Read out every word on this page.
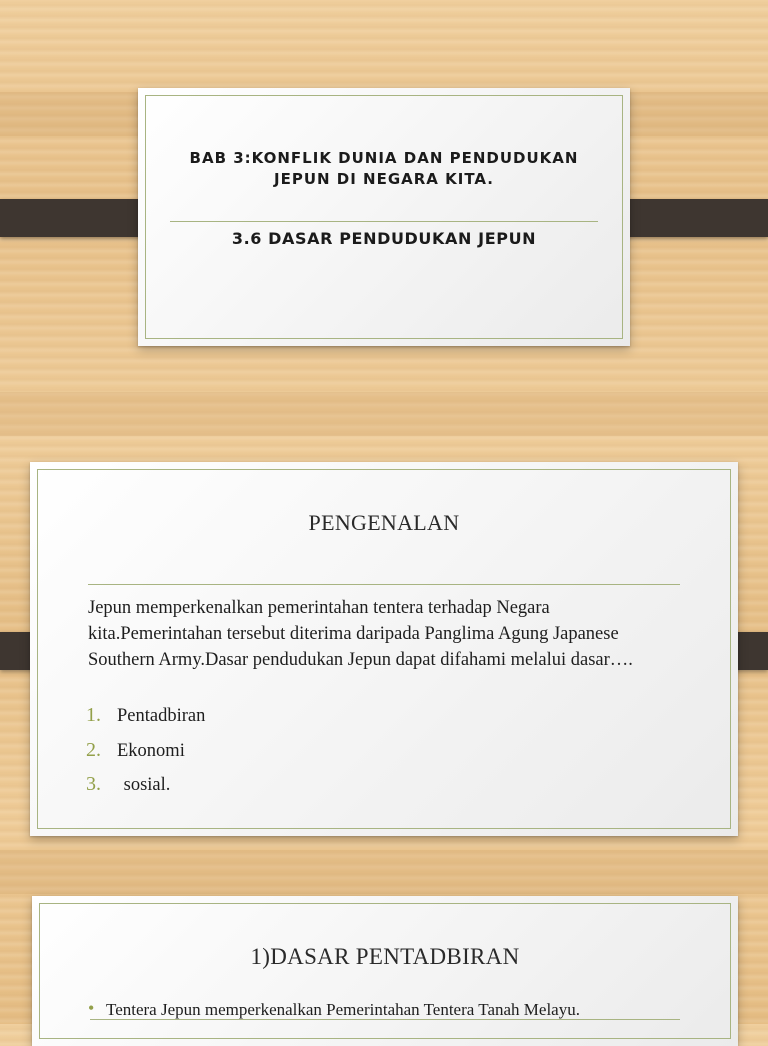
BAB 3:KONFLIK DUNIA DAN PENDUDUKAN
JEPUN DI NEGARA KITA.
3.6 DASAR PENDUDUKAN JEPUN
PENGENALAN
Jepun memperkenalkan pemerintahan tentera terhadap Negara kita.Pemerintahan tersebut diterima daripada Panglima Agung Japanese Southern Army.Dasar pendudukan Jepun dapat difahami melalui dasar….
1. Pentadbiran
2. Ekonomi
3. sosial.
1)DASAR PENTADBIRAN
• Tentera Jepun memperkenalkan Pemerintahan Tentera Tanah Melayu.
